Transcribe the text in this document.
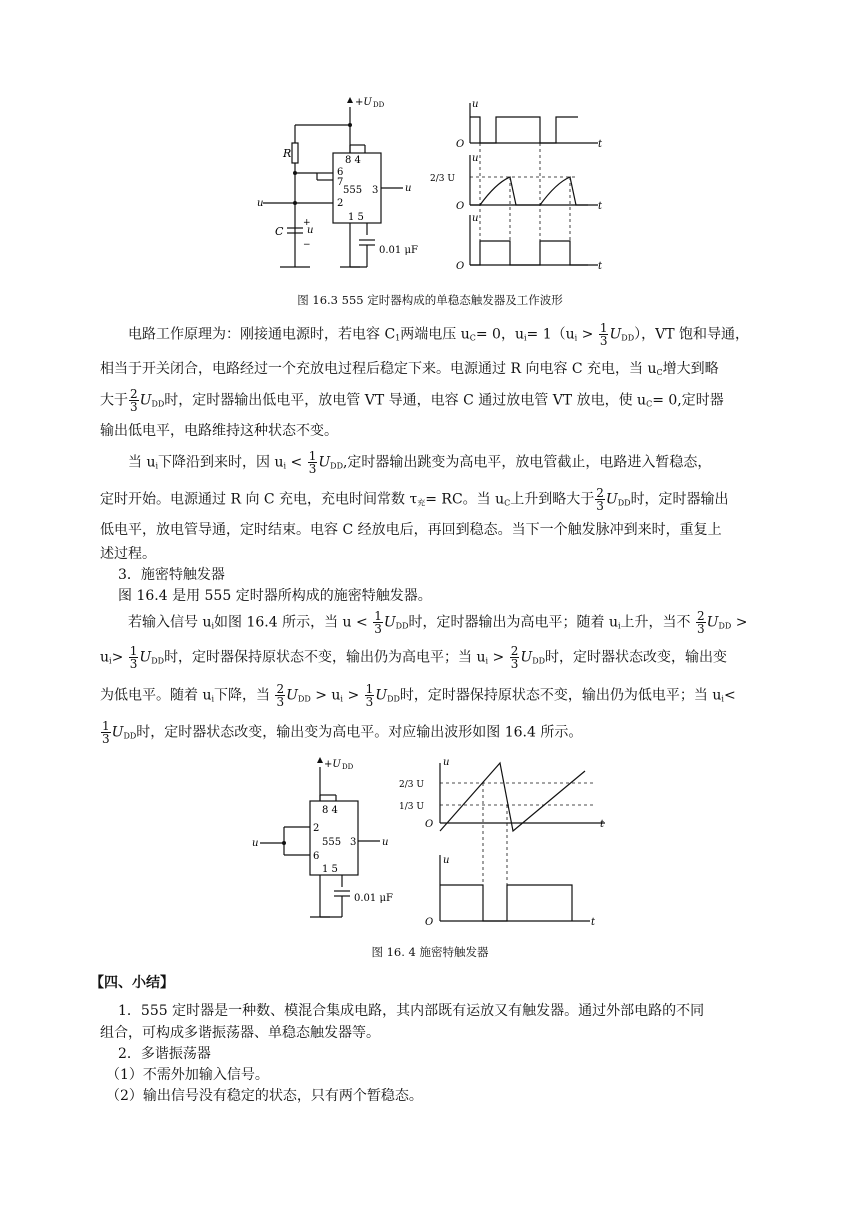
+U DD
8 4
7
6
2
555 3
1 5
R
C
u
+
u
−
u
0.01 μF
O
O
O
t
t
t
u
u
u
2/3 U
图 16.3 555 定时器构成的单稳态触发器及工作波形
电路工作原理为：刚接通电源时，若电容 $C_1$两端电压 $u_C= 0$，$u_i= 1(u_i > \frac{1}{3} U_{DD})$，VT 饱和导通，
相当于开关闭合，电路经过一个充放电过程后稳定下来。电源通过 R 向电容 C 充电，当 $u_C$增大到略
大于 $\frac{2}{3} U_{DD}$时，定时器输出低电平，放电管 VT 导通，电容 C 通过放电管 VT 放电，使 $u_C= 0$,定时器
输出低电平，电路维持这种状态不变。
当 $u_i$下降沿到来时，因 $u_i < \frac{1}{3} U_{DD}$,定时器输出跳变为高电平，放电管截止，电路进入暂稳态，
定时开始。电源通过 R 向 C 充电，充电时间常数 $\tau_充=$ RC。当 $u_C$上升到略大于 $\frac{2}{3} U_{DD}$时，定时器输出
低电平，放电管导通，定时结束。电容 C 经放电后，再回到稳态。当下一个触发脉冲到来时，重复上
述过程。
3．施密特触发器
图 16.4 是用 555 定时器所构成的施密特触发器。
若输入信号 $u_i$如图 16.4 所示，当 $u < \frac{1}{3} U_{DD}$时，定时器输出为高电平；随着 $u_i$上升，当不 $\frac{2}{3} U_{DD}$ >
$u_i> \frac{1}{3} U_{DD}$时，定时器保持原状态不变，输出仍为高电平；当 $u_i > \frac{2}{3} U_{DD}$时，定时器状态改变，输出变
为低电平。随着 $u_i$下降，当 $\frac{2}{3} U_{DD} > u_i > \frac{1}{3} U_{DD}$时，定时器保持原状态不变，输出仍为低电平；当 $u_i<$
$\frac{1}{3} U_{DD}$时，定时器状态改变，输出变为高电平。对应输出波形如图 16.4 所示。
+U DD
8 4
2
6
555 3
1 5
u	u
0.01 μF
u
u
2/3 U
1/3 U
O
O
t
t
图 16. 4 施密特触发器
【四、小结】
1．555 定时器是一种数、模混合集成电路，其内部既有运放又有触发器。通过外部电路的不同
组合，可构成多谐振荡器、单稳态触发器等。
2．多谐振荡器
（1）不需外加输入信号。
（2）输出信号没有稳定的状态，只有两个暂稳态。
